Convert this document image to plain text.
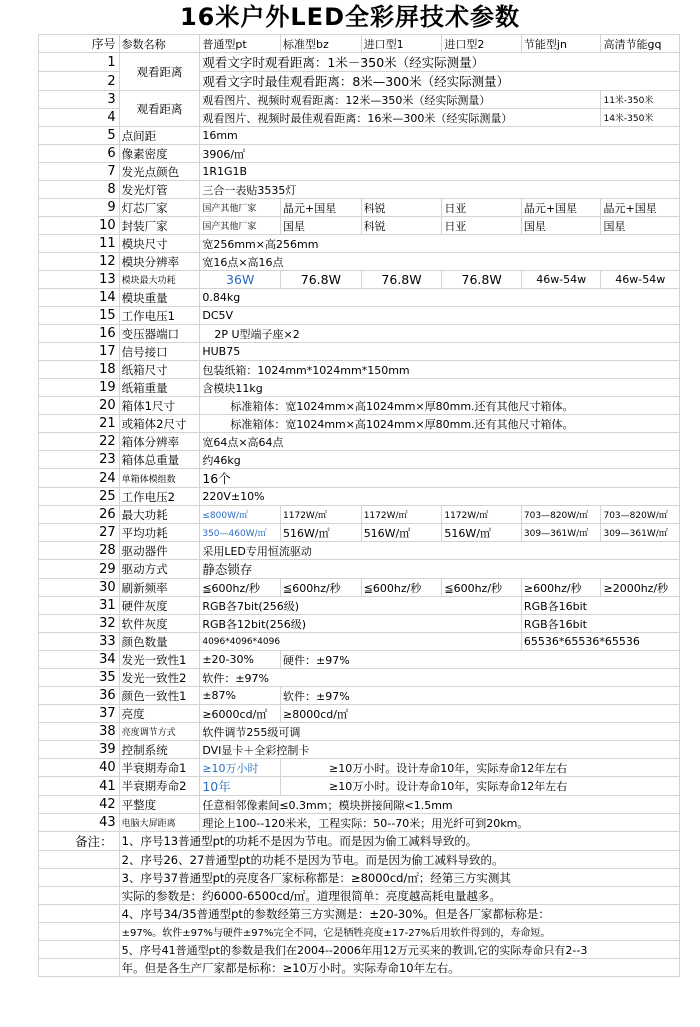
16米户外LED全彩屏技术参数
序号	参数名称	普通型pt	标准型bz	进口型1	进口型2	节能型jn	高清节能gq
1	观看距离	观看文字时观看距离：1米－350米（经实际测量）					
2		观看文字时最佳观看距离：8米—300米（经实际测量）					
3	观看距离	观看图片、视频时观看距离：12米—350米（经实际测量）					11米-350米
4		观看图片、视频时最佳观看距离：16米—300米（经实际测量）					14米-350米
5	点间距	16mm					
6	像素密度	3906/㎡					
7	发光点颜色	1R1G1B					
8	发光灯管	三合一表贴3535灯					
9	灯芯厂家	国产其他厂家	晶元+国星	科锐	日亚	晶元+国星	晶元+国星
10	封装厂家	国产其他厂家	国星	科锐	日亚	国星	国星
11	模块尺寸	宽256mm×高256mm					
12	模块分辨率	宽16点×高16点					
13	模块最大功耗	36W	76.8W	76.8W	76.8W	46w-54w	46w-54w
14	模块重量	0.84kg					
15	工作电压1	DC5V					
16	变压器端口	2P U型端子座×2					
17	信号接口	HUB75					
18	纸箱尺寸	包装纸箱：1024mm*1024mm*150mm					
19	纸箱重量	含模块11kg					
20	箱体1尺寸	标准箱体：宽1024mm×高1024mm×厚80mm.还有其他尺寸箱体。					
21	或箱体2尺寸	标准箱体：宽1024mm×高1024mm×厚80mm.还有其他尺寸箱体。					
22	箱体分辨率	宽64点×高64点					
23	箱体总重量	约46kg					
24	单箱体模组数	16个					
25	工作电压2	220V±10%					
26	最大功耗	≤800W/㎡	1172W/㎡	1172W/㎡	1172W/㎡	703—820W/㎡	703—820W/㎡
27	平均功耗	350—460W/㎡	516W/㎡	516W/㎡	516W/㎡	309—361W/㎡	309—361W/㎡
28	驱动器件	采用LED专用恒流驱动					
29	驱动方式	静态锁存					
30	刷新频率	≦600hz/秒	≦600hz/秒	≦600hz/秒	≦600hz/秒	≥600hz/秒	≥2000hz/秒
31	硬件灰度	RGB各7bit(256级)				RGB各16bit	
32	软件灰度	RGB各12bit(256级)				RGB各16bit	
33	颜色数量	4096*4096*4096				65536*65536*65536	
34	发光一致性1	±20-30%	硬件：±97%				
35	发光一致性2	软件：±97%					
36	颜色一致性1	±87%	软件：±97%				
37	亮度	≥6000cd/㎡	≥8000cd/㎡				
38	亮度调节方式	软件调节255级可调					
39	控制系统	DVI显卡＋全彩控制卡					
40	半衰期寿命1	≥10万小时	≥10万小时。设计寿命10年，实际寿命12年左右				
41	半衰期寿命2	10年	≥10万小时。设计寿命10年，实际寿命12年左右				
42	平整度	任意相邻像素间≤0.3mm；模块拼接间隙<1.5mm					
43	电脑大屏距离	理论上100--120米米，工程实际：50--70米；用光纤可到20km。					
备注：	1、序号13普通型pt的功耗不是因为节电。而是因为偷工减料导致的。						
	2、序号26、27普通型pt的功耗不是因为节电。而是因为偷工减料导致的。						
	3、序号37普通型pt的亮度各厂家标称都是：≥8000cd/㎡；经第三方实测其						
	实际的参数是：约6000-6500cd/㎡。道理很简单：亮度越高耗电量越多。						
	4、序号34/35普通型pt的参数经第三方实测是：±20-30%。但是各厂家都标称是：						
	±97%。软件±97%与硬件±97%完全不同，它是牺牲亮度±17-27%后用软件得到的，寿命短。						
	5、序号41普通型pt的参数是我们在2004--2006年用12万元买来的教训,它的实际寿命只有2--3						
	年。但是各生产厂家都是标称：≥10万小时。实际寿命10年左右。						
